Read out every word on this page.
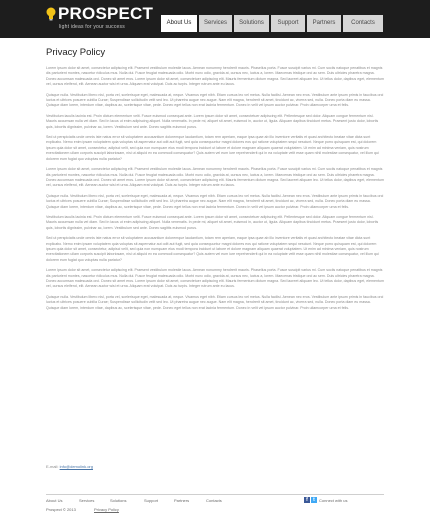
PROSPECT
light ideas for your success
About Us	Services	Solutions	Support	Partners	Contacts
Privacy Policy

Lorem ipsum dolor sit amet, consectetur adipiscing elit. Praesent vestibulum molestie lacus. Aenean nonummy hendrerit mauris. Phasellus porta. Fusce suscipit varius mi. Cum sociis natoque penatibus et magnis dis parturient montes, nascetur ridiculus mus. Nulla dui. Fusce feugiat malesuada odio. Morbi nunc odio, gravida at, cursus nec, luctus a, lorem. Maecenas tristique orci ac sem. Duis ultricies pharetra magna. Donec accumsan malesuada orci. Donec sit amet eros. Lorem ipsum dolor sit amet, consectetuer adipiscing elit. Mauris fermentum dictum magna. Sed laoreet aliquam leo. Ut tellus dolor, dapibus eget, elementum vel, cursus eleifend, elit. Aenean auctor wisi et urna. Aliquam erat volutpat. Duis ac turpis. Integer rutrum ante eu lacus.

Quisque nulla. Vestibulum libero nisl, porta vel, scelerisque eget, malesuada at, neque. Vivamus eget nibh. Etiam cursus leo vel metus. Nulla facilisi. Aenean nec eros. Vestibulum ante ipsum primis in faucibus orci luctus et ultrices posuere cubilia Curae; Suspendisse sollicitudin velit sed leo. Ut pharetra augue nec augue. Nam elit magna, hendrerit sit amet, tincidunt ac, viverra sed, nulla. Donec porta diam eu massa. Quisque diam lorem, interdum vitae, dapibus ac, scelerisque vitae, pede. Donec eget tellus non erat lacinia fermentum. Donec in velit vel ipsum auctor pulvinar. Proin ullamcorper urna et felis.

Vestibulum iaculis lacinia est. Proin dictum elementum velit. Fusce euismod consequat ante. Lorem ipsum dolor sit amet, consectetuer adipiscing elit. Pellentesque sed dolor. Aliquam congue fermentum nisl. Mauris accumsan nulla vel diam. Sed in lacus ut enim adipiscing aliquet. Nulla venenatis. In pede mi, aliquet sit amet, euismod in, auctor ut, ligula. Aliquam dapibus tincidunt metus. Praesent justo dolor, lobortis quis, lobortis dignissim, pulvinar ac, lorem. Vestibulum sed ante. Donec sagittis euismod purus.

Sed ut perspiciatis unde omnis iste natus error sit voluptatem accusantium doloremque laudantium, totam rem aperiam, eaque ipsa quae ab illo inventore veritatis et quasi architecto beatae vitae dicta sunt explicabo. Nemo enim ipsam voluptatem quia voluptas sit aspernatur aut odit aut fugit, sed quia consequuntur magni dolores eos qui ratione voluptatem sequi nesciunt. Neque porro quisquam est, qui dolorem ipsum quia dolor sit amet, consectetur, adipisci velit, sed quia non numquam eius modi tempora incidunt ut labore et dolore magnam aliquam quaerat voluptatem. Ut enim ad minima veniam, quis nostrum exercitationem ullam corporis suscipit laboriosam, nisi ut aliquid ex ea commodi consequatur? Quis autem vel eum iure reprehenderit qui in ea voluptate velit esse quam nihil molestiae consequatur, vel illum qui dolorem eum fugiat quo voluptas nulla pariatur?

Lorem ipsum dolor sit amet, consectetur adipiscing elit. Praesent vestibulum molestie lacus. Aenean nonummy hendrerit mauris. Phasellus porta. Fusce suscipit varius mi. Cum sociis natoque penatibus et magnis dis parturient montes, nascetur ridiculus mus. Nulla dui. Fusce feugiat malesuada odio. Morbi nunc odio, gravida at, cursus nec, luctus a, lorem. Maecenas tristique orci ac sem. Duis ultricies pharetra magna. Donec accumsan malesuada orci. Donec sit amet eros. Lorem ipsum dolor sit amet, consectetuer adipiscing elit. Mauris fermentum dictum magna. Sed laoreet aliquam leo. Ut tellus dolor, dapibus eget, elementum vel, cursus eleifend, elit. Aenean auctor wisi et urna. Aliquam erat volutpat. Duis ac turpis. Integer rutrum ante eu lacus.

Quisque nulla. Vestibulum libero nisl, porta vel, scelerisque eget, malesuada at, neque. Vivamus eget nibh. Etiam cursus leo vel metus. Nulla facilisi. Aenean nec eros. Vestibulum ante ipsum primis in faucibus orci luctus et ultrices posuere cubilia Curae; Suspendisse sollicitudin velit sed leo. Ut pharetra augue nec augue. Nam elit magna, hendrerit sit amet, tincidunt ac, viverra sed, nulla. Donec porta diam eu massa. Quisque diam lorem, interdum vitae, dapibus ac, scelerisque vitae, pede. Donec eget tellus non erat lacinia fermentum. Donec in velit vel ipsum auctor pulvinar. Proin ullamcorper urna et felis.

Vestibulum iaculis lacinia est. Proin dictum elementum velit. Fusce euismod consequat ante. Lorem ipsum dolor sit amet, consectetuer adipiscing elit. Pellentesque sed dolor. Aliquam congue fermentum nisl. Mauris accumsan nulla vel diam. Sed in lacus ut enim adipiscing aliquet. Nulla venenatis. In pede mi, aliquet sit amet, euismod in, auctor ut, ligula. Aliquam dapibus tincidunt metus. Praesent justo dolor, lobortis quis, lobortis dignissim, pulvinar ac, lorem. Vestibulum sed ante. Donec sagittis euismod purus.

Sed ut perspiciatis unde omnis iste natus error sit voluptatem accusantium doloremque laudantium, totam rem aperiam, eaque ipsa quae ab illo inventore veritatis et quasi architecto beatae vitae dicta sunt explicabo. Nemo enim ipsam voluptatem quia voluptas sit aspernatur aut odit aut fugit, sed quia consequuntur magni dolores eos qui ratione voluptatem sequi nesciunt. Neque porro quisquam est, qui dolorem ipsum quia dolor sit amet, consectetur, adipisci velit, sed quia non numquam eius modi tempora incidunt ut labore et dolore magnam aliquam quaerat voluptatem. Ut enim ad minima veniam, quis nostrum exercitationem ullam corporis suscipit laboriosam, nisi ut aliquid ex ea commodi consequatur? Quis autem vel eum iure reprehenderit qui in ea voluptate velit esse quam nihil molestiae consequatur, vel illum qui dolorem eum fugiat quo voluptas nulla pariatur?

Lorem ipsum dolor sit amet, consectetur adipiscing elit. Praesent vestibulum molestie lacus. Aenean nonummy hendrerit mauris. Phasellus porta. Fusce suscipit varius mi. Cum sociis natoque penatibus et magnis dis parturient montes, nascetur ridiculus mus. Nulla dui. Fusce feugiat malesuada odio. Morbi nunc odio, gravida at, cursus nec, luctus a, lorem. Maecenas tristique orci ac sem. Duis ultricies pharetra magna. Donec accumsan malesuada orci. Donec sit amet eros. Lorem ipsum dolor sit amet, consectetuer adipiscing elit. Mauris fermentum dictum magna. Sed laoreet aliquam leo. Ut tellus dolor, dapibus eget, elementum vel, cursus eleifend, elit. Aenean auctor wisi et urna. Aliquam erat volutpat. Duis ac turpis. Integer rutrum ante eu lacus.

Quisque nulla. Vestibulum libero nisl, porta vel, scelerisque eget, malesuada at, neque. Vivamus eget nibh. Etiam cursus leo vel metus. Nulla facilisi. Aenean nec eros. Vestibulum ante ipsum primis in faucibus orci luctus et ultrices posuere cubilia Curae; Suspendisse sollicitudin velit sed leo. Ut pharetra augue nec augue. Nam elit magna, hendrerit sit amet, tincidunt ac, viverra sed, nulla. Donec porta diam eu massa. Quisque diam lorem, interdum vitae, dapibus ac, scelerisque vitae, pede. Donec eget tellus non erat lacinia fermentum. Donec in velit vel ipsum auctor pulvinar. Proin ullamcorper urna et felis.

E-mail: info@demolink.org
About Us	Services	Solutions	Support	Partners	Contacts
Prospect © 2013	Privacy Policy
f	t	Connect with us
